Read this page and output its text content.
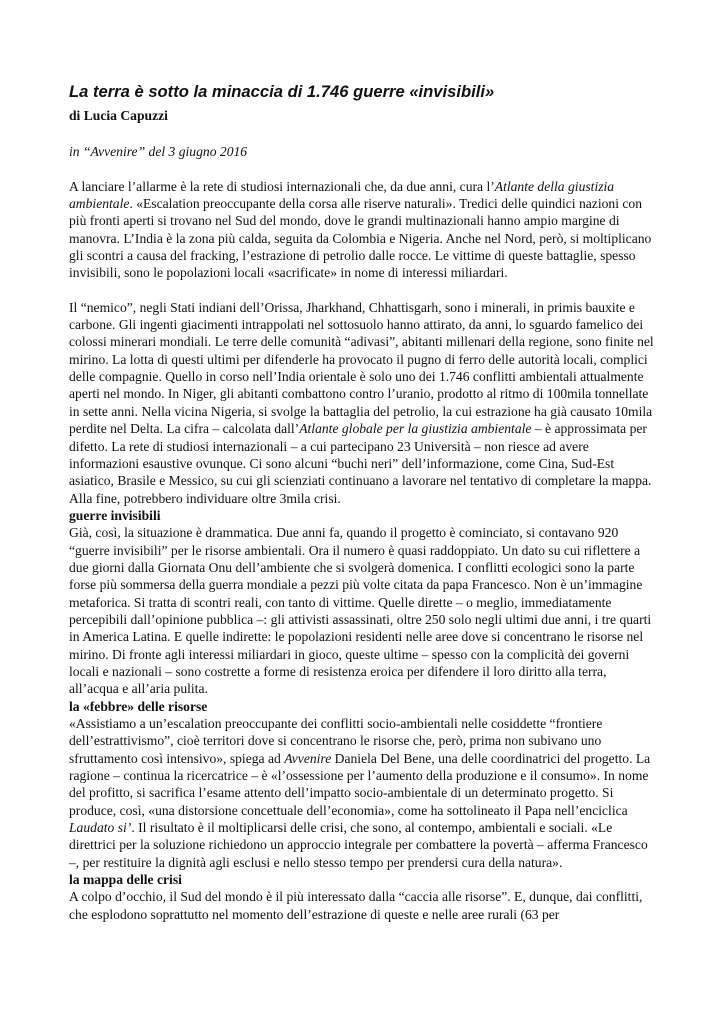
La terra è sotto la minaccia di 1.746 guerre «invisibili»
di Lucia Capuzzi
in “Avvenire” del 3 giugno 2016

A lanciare l’allarme è la rete di studiosi internazionali che, da due anni, cura l’Atlante della giustizia ambientale. «Escalation preoccupante della corsa alle riserve naturali». Tredici delle quindici nazioni con più fronti aperti si trovano nel Sud del mondo, dove le grandi multinazionali hanno ampio margine di manovra. L’India è la zona più calda, seguita da Colombia e Nigeria. Anche nel Nord, però, si moltiplicano gli scontri a causa del fracking, l’estrazione di petrolio dalle rocce. Le vittime di queste battaglie, spesso invisibili, sono le popolazioni locali «sacrificate» in nome di interessi miliardari.

Il “nemico”, negli Stati indiani dell’Orissa, Jharkhand, Chhattisgarh, sono i minerali, in primis bauxite e carbone. Gli ingenti giacimenti intrappolati nel sottosuolo hanno attirato, da anni, lo sguardo famelico dei colossi minerari mondiali. Le terre delle comunità “adivasi”, abitanti millenari della regione, sono finite nel mirino. La lotta di questi ultimi per difenderle ha provocato il pugno di ferro delle autorità locali, complici delle compagnie. Quello in corso nell’India orientale è solo uno dei 1.746 conflitti ambientali attualmente aperti nel mondo. In Niger, gli abitanti combattono contro l’uranio, prodotto al ritmo di 100mila tonnellate in sette anni. Nella vicina Nigeria, si svolge la battaglia del petrolio, la cui estrazione ha già causato 10mila perdite nel Delta. La cifra – calcolata dall’Atlante globale per la giustizia ambientale – è approssimata per difetto. La rete di studiosi internazionali – a cui partecipano 23 Università – non riesce ad avere informazioni esaustive ovunque. Ci sono alcuni “buchi neri” dell’informazione, come Cina, Sud-Est asiatico, Brasile e Messico, su cui gli scienziati continuano a lavorare nel tentativo di completare la mappa. Alla fine, potrebbero individuare oltre 3mila crisi.

guerre invisibili

Già, così, la situazione è drammatica. Due anni fa, quando il progetto è cominciato, si contavano 920 “guerre invisibili” per le risorse ambientali. Ora il numero è quasi raddoppiato. Un dato su cui riflettere a due giorni dalla Giornata Onu dell’ambiente che si svolgerà domenica. I conflitti ecologici sono la parte forse più sommersa della guerra mondiale a pezzi più volte citata da papa Francesco. Non è un’immagine metaforica. Si tratta di scontri reali, con tanto di vittime. Quelle dirette – o meglio, immediatamente percepibili dall’opinione pubblica –: gli attivisti assassinati, oltre 250 solo negli ultimi due anni, i tre quarti in America Latina. E quelle indirette: le popolazioni residenti nelle aree dove si concentrano le risorse nel mirino. Di fronte agli interessi miliardari in gioco, queste ultime – spesso con la complicità dei governi locali e nazionali – sono costrette a forme di resistenza eroica per difendere il loro diritto alla terra, all’acqua e all’aria pulita.

la «febbre» delle risorse

«Assistiamo a un’escalation preoccupante dei conflitti socio-ambientali nelle cosiddette “frontiere dell’estrattivismo”, cioè territori dove si concentrano le risorse che, però, prima non subivano uno sfruttamento così intensivo», spiega ad Avvenire Daniela Del Bene, una delle coordinatrici del progetto. La ragione – continua la ricercatrice – è «l’ossessione per l’aumento della produzione e il consumo». In nome del profitto, si sacrifica l’esame attento dell’impatto socio-ambientale di un determinato progetto. Si produce, così, «una distorsione concettuale dell’economia», come ha sottolineato il Papa nell’enciclica Laudato si’. Il risultato è il moltiplicarsi delle crisi, che sono, al contempo, ambientali e sociali. «Le direttrici per la soluzione richiedono un approccio integrale per combattere la povertà – afferma Francesco –, per restituire la dignità agli esclusi e nello stesso tempo per prendersi cura della natura».

la mappa delle crisi

A colpo d’occhio, il Sud del mondo è il più interessato dalla “caccia alle risorse”. E, dunque, dai conflitti, che esplodono soprattutto nel momento dell’estrazione di queste e nelle aree rurali (63 per
